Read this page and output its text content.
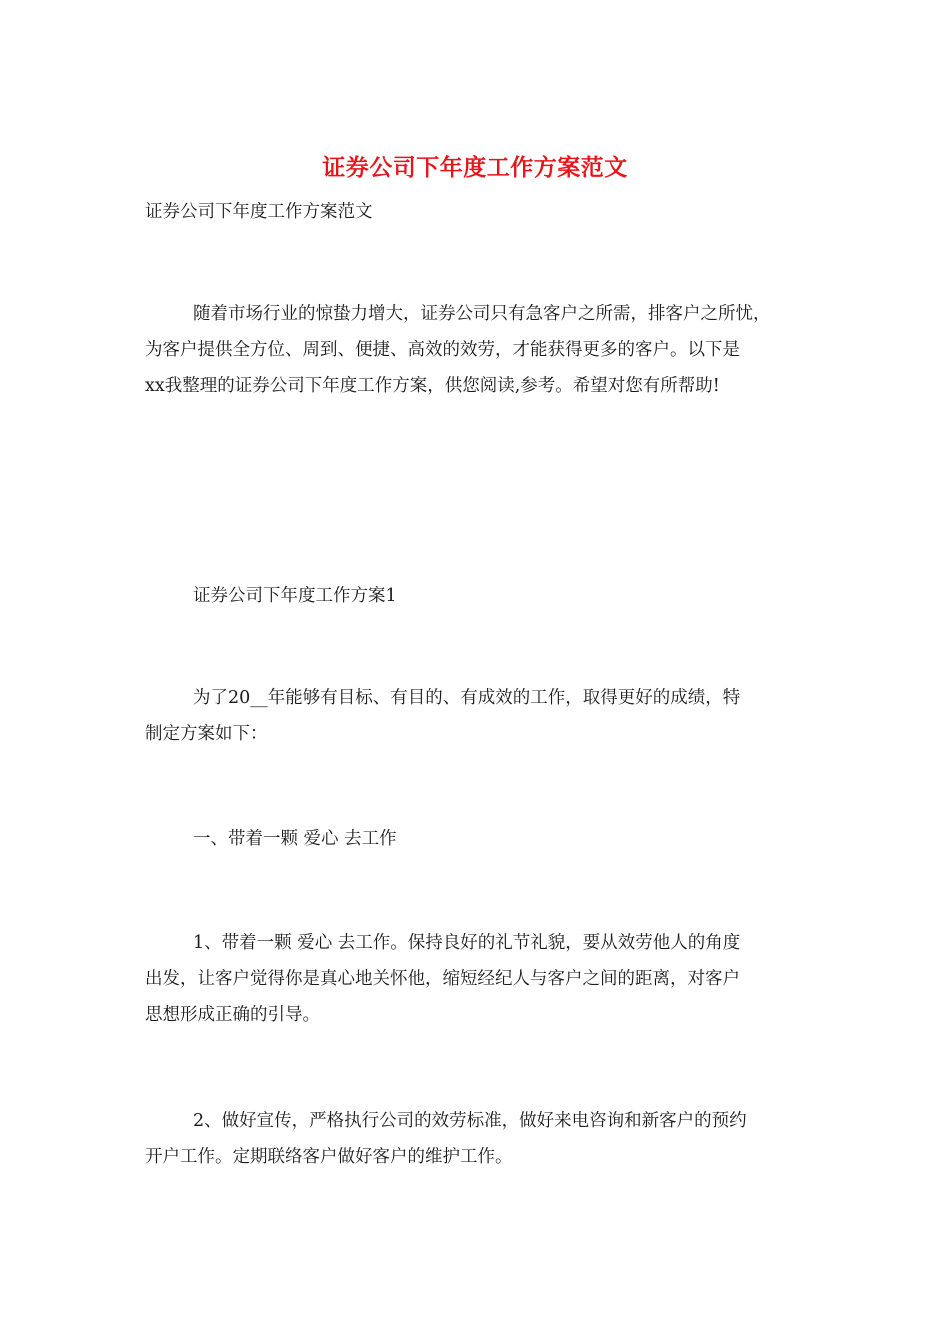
证券公司下年度工作方案范文
证券公司下年度工作方案范文
随着市场行业的惊蛰力增大，证券公司只有急客户之所需，排客户之所忧，
为客户提供全方位、周到、便捷、高效的效劳，才能获得更多的客户。以下是
xx我整理的证券公司下年度工作方案，供您阅读,参考。希望对您有所帮助!
证券公司下年度工作方案1
为了20__年能够有目标、有目的、有成效的工作，取得更好的成绩，特
制定方案如下：
一、带着一颗 爱心 去工作
1、带着一颗 爱心 去工作。保持良好的礼节礼貌，要从效劳他人的角度
出发，让客户觉得你是真心地关怀他，缩短经纪人与客户之间的距离，对客户
思想形成正确的引导。
2、做好宣传，严格执行公司的效劳标准，做好来电咨询和新客户的预约
开户工作。定期联络客户做好客户的维护工作。
